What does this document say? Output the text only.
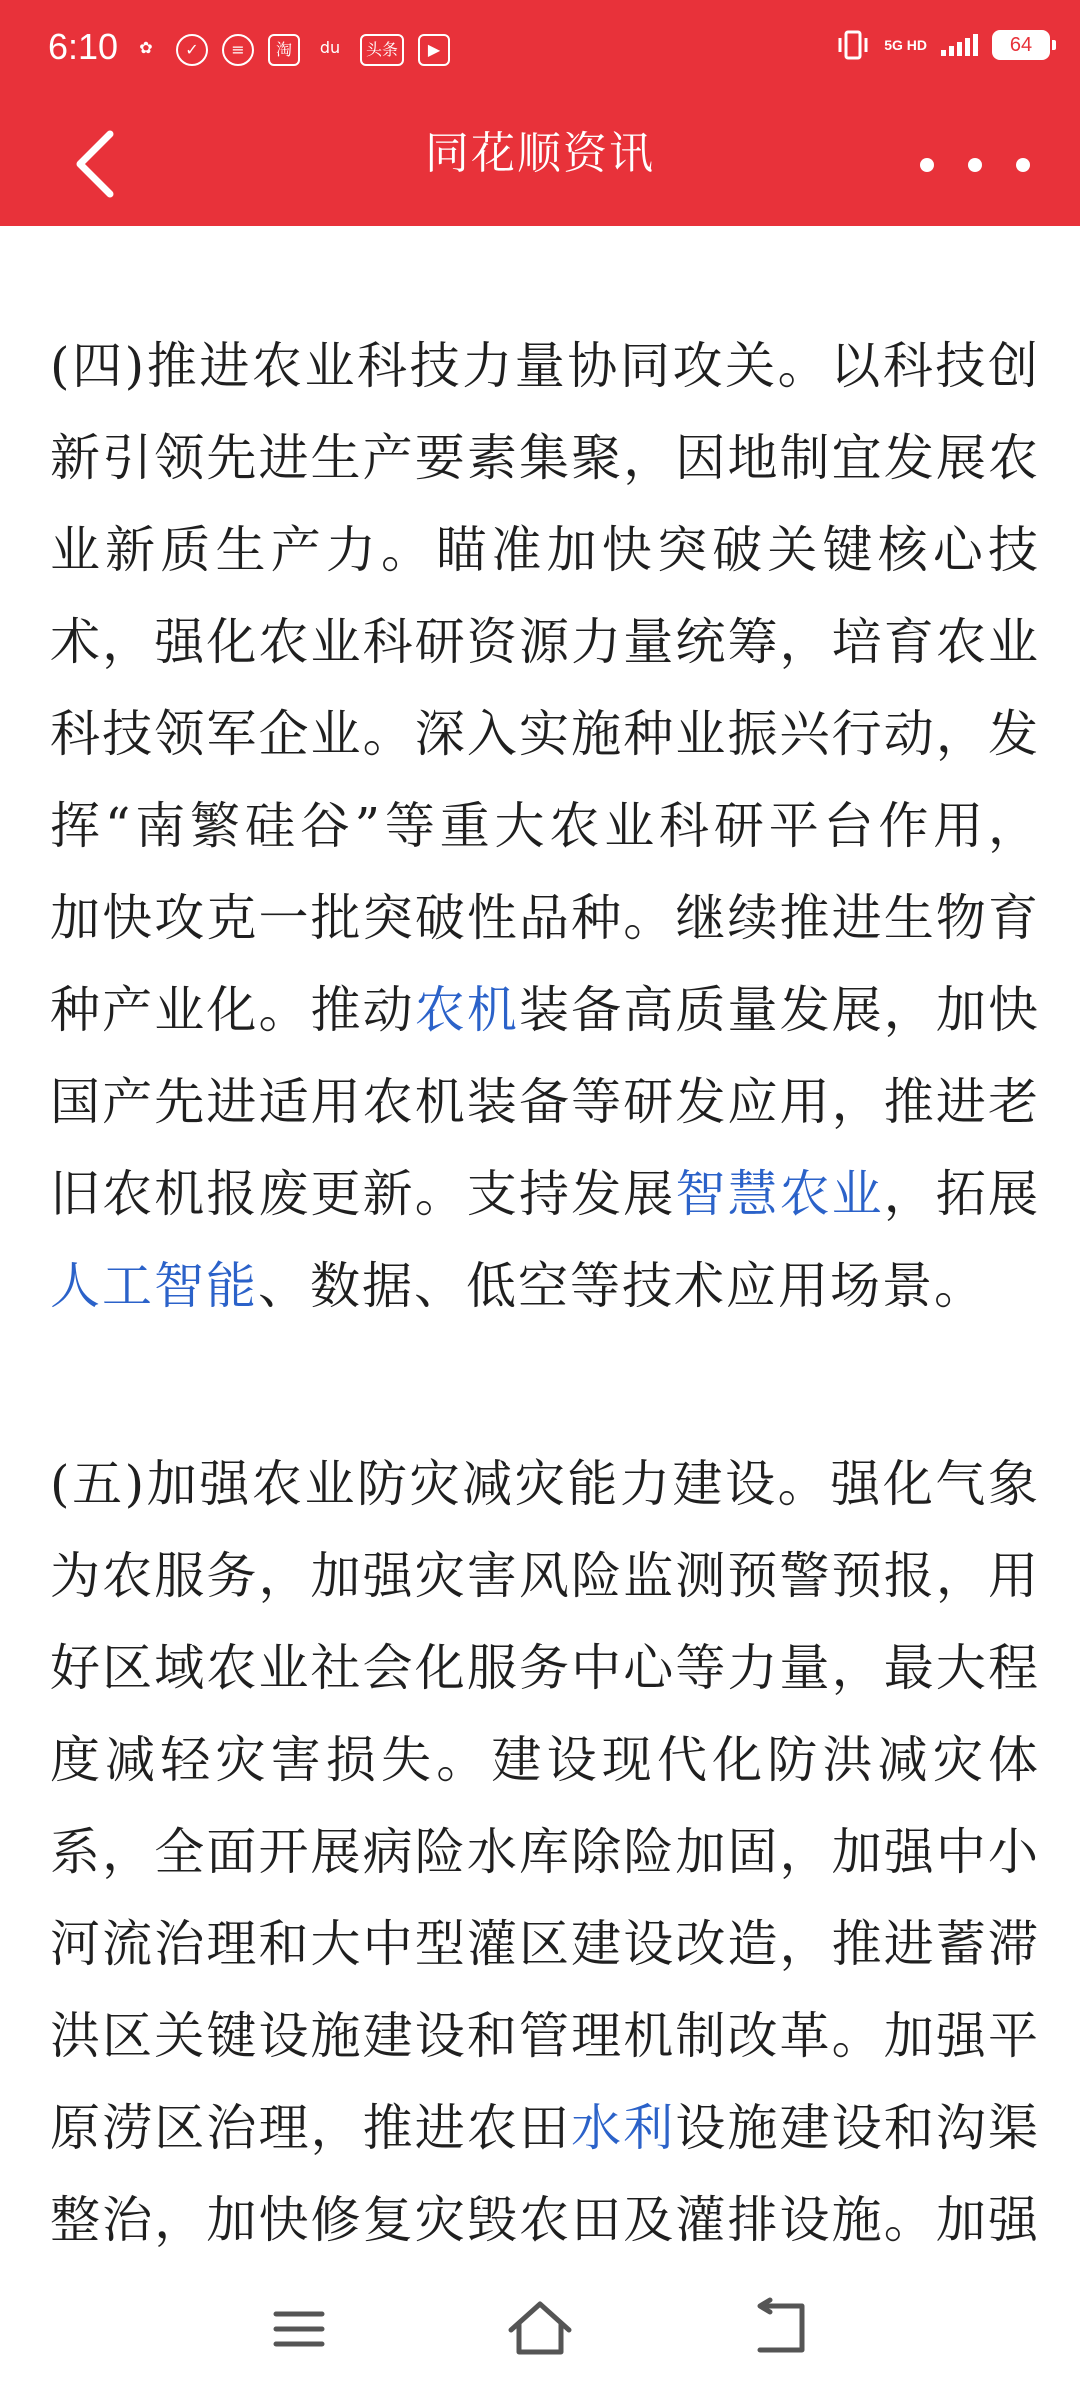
6:10	✿	✓	≡	淘	du	头条	▶	5G HD	64
同花顺资讯

(四)推进农业科技力量协同攻关。以科技创新引领先进生产要素集聚，因地制宜发展农业新质生产力。瞄准加快突破关键核心技术，强化农业科研资源力量统筹，培育农业科技领军企业。深入实施种业振兴行动，发挥“南繁硅谷”等重大农业科研平台作用，加快攻克一批突破性品种。继续推进生物育种产业化。推动农机装备高质量发展，加快国产先进适用农机装备等研发应用，推进老旧农机报废更新。支持发展智慧农业，拓展人工智能、数据、低空等技术应用场景。

(五)加强农业防灾减灾能力建设。强化气象为农服务，加强灾害风险监测预警预报，用好区域农业社会化服务中心等力量，最大程度减轻灾害损失。建设现代化防洪减灾体系，全面开展病险水库除险加固，加强中小河流治理和大中型灌区建设改造，推进蓄滞洪区关键设施建设和管理机制改革。加强平原涝区治理，推进农田水利设施建设和沟渠整治，加快修复灾毁农田及灌排设施。加强
